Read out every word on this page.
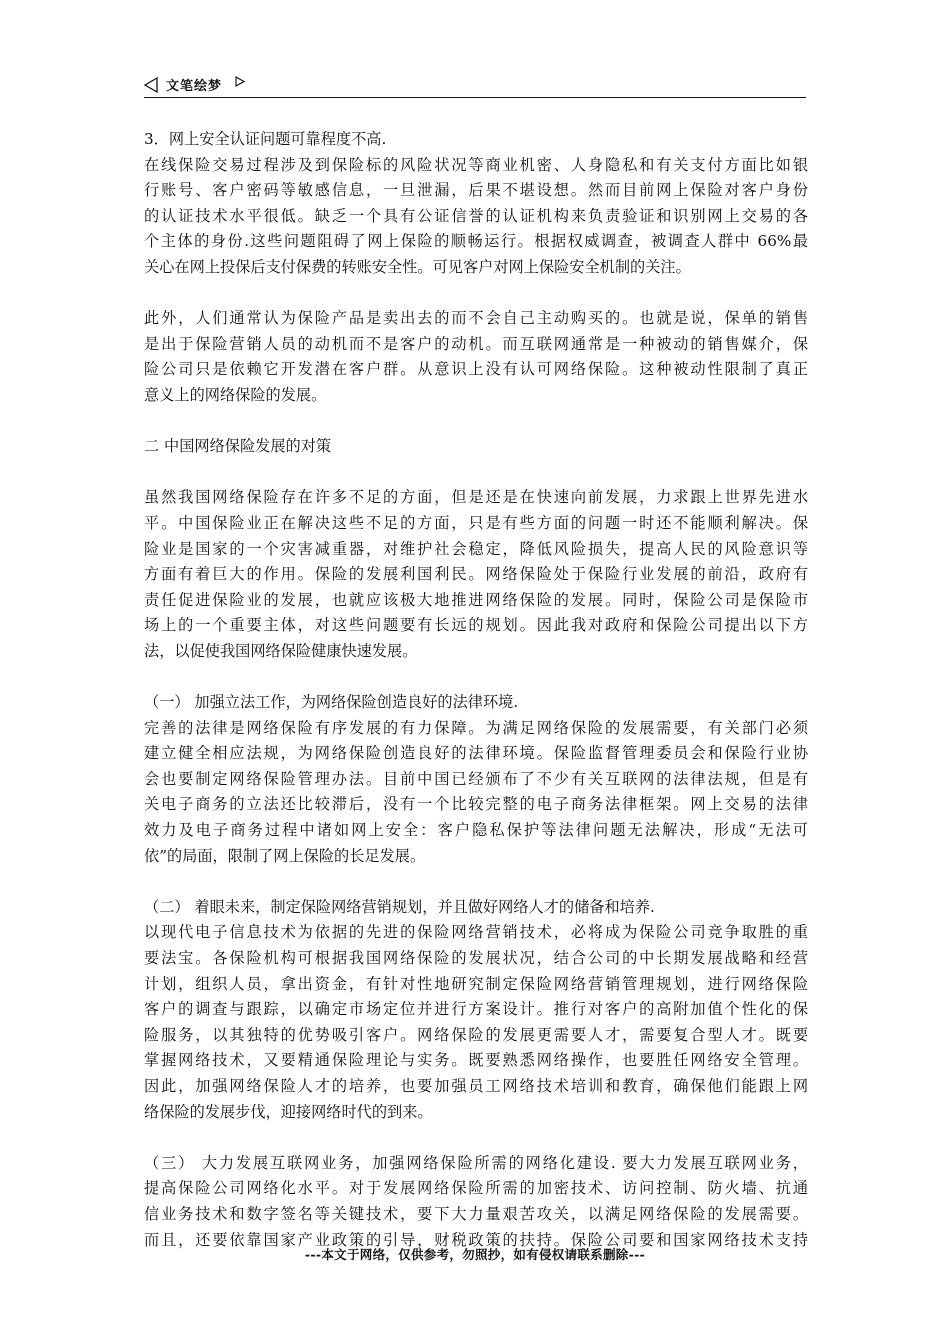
文笔绘梦
3．网上安全认证问题可靠程度不高.
在线保险交易过程涉及到保险标的风险状况等商业机密、人身隐私和有关支付方面比如银
行账号、客户密码等敏感信息，一旦泄漏，后果不堪设想。然而目前网上保险对客户身份
的认证技术水平很低。缺乏一个具有公证信誉的认证机构来负责验证和识别网上交易的各
个主体的身份.这些问题阻碍了网上保险的顺畅运行。根据权威调查，被调查人群中 66%最
关心在网上投保后支付保费的转账安全性。可见客户对网上保险安全机制的关注。
此外，人们通常认为保险产品是卖出去的而不会自己主动购买的。也就是说，保单的销售
是出于保险营销人员的动机而不是客户的动机。而互联网通常是一种被动的销售媒介，保
险公司只是依赖它开发潜在客户群。从意识上没有认可网络保险。这种被动性限制了真正
意义上的网络保险的发展。
二 中国网络保险发展的对策
虽然我国网络保险存在许多不足的方面，但是还是在快速向前发展，力求跟上世界先进水
平。中国保险业正在解决这些不足的方面，只是有些方面的问题一时还不能顺利解决。保
险业是国家的一个灾害减重器，对维护社会稳定，降低风险损失，提高人民的风险意识等
方面有着巨大的作用。保险的发展利国利民。网络保险处于保险行业发展的前沿，政府有
责任促进保险业的发展，也就应该极大地推进网络保险的发展。同时，保险公司是保险市
场上的一个重要主体，对这些问题要有长远的规划。因此我对政府和保险公司提出以下方
法，以促使我国网络保险健康快速发展。
（一） 加强立法工作，为网络保险创造良好的法律环境.
完善的法律是网络保险有序发展的有力保障。为满足网络保险的发展需要，有关部门必须
建立健全相应法规，为网络保险创造良好的法律环境。保险监督管理委员会和保险行业协
会也要制定网络保险管理办法。目前中国已经颁布了不少有关互联网的法律法规，但是有
关电子商务的立法还比较滞后，没有一个比较完整的电子商务法律框架。网上交易的法律
效力及电子商务过程中诸如网上安全：客户隐私保护等法律问题无法解决，形成“无法可
依”的局面，限制了网上保险的长足发展。
（二） 着眼未来，制定保险网络营销规划，并且做好网络人才的储备和培养.
以现代电子信息技术为依据的先进的保险网络营销技术，必将成为保险公司竞争取胜的重
要法宝。各保险机构可根据我国网络保险的发展状况，结合公司的中长期发展战略和经营
计划，组织人员，拿出资金，有针对性地研究制定保险网络营销管理规划，进行网络保险
客户的调查与跟踪，以确定市场定位并进行方案设计。推行对客户的高附加值个性化的保
险服务，以其独特的优势吸引客户。网络保险的发展更需要人才，需要复合型人才。既要
掌握网络技术，又要精通保险理论与实务。既要熟悉网络操作，也要胜任网络安全管理。
因此，加强网络保险人才的培养，也要加强员工网络技术培训和教育，确保他们能跟上网
络保险的发展步伐，迎接网络时代的到来。
（三） 大力发展互联网业务，加强网络保险所需的网络化建设. 要大力发展互联网业务，
提高保险公司网络化水平。对于发展网络保险所需的加密技术、访问控制、防火墙、抗通
信业务技术和数字签名等关键技术，要下大力量艰苦攻关，以满足网络保险的发展需要。
而且，还要依靠国家产业政策的引导，财税政策的扶持。保险公司要和国家网络技术支持
---本文于网络，仅供参考，勿照抄，如有侵权请联系删除---
